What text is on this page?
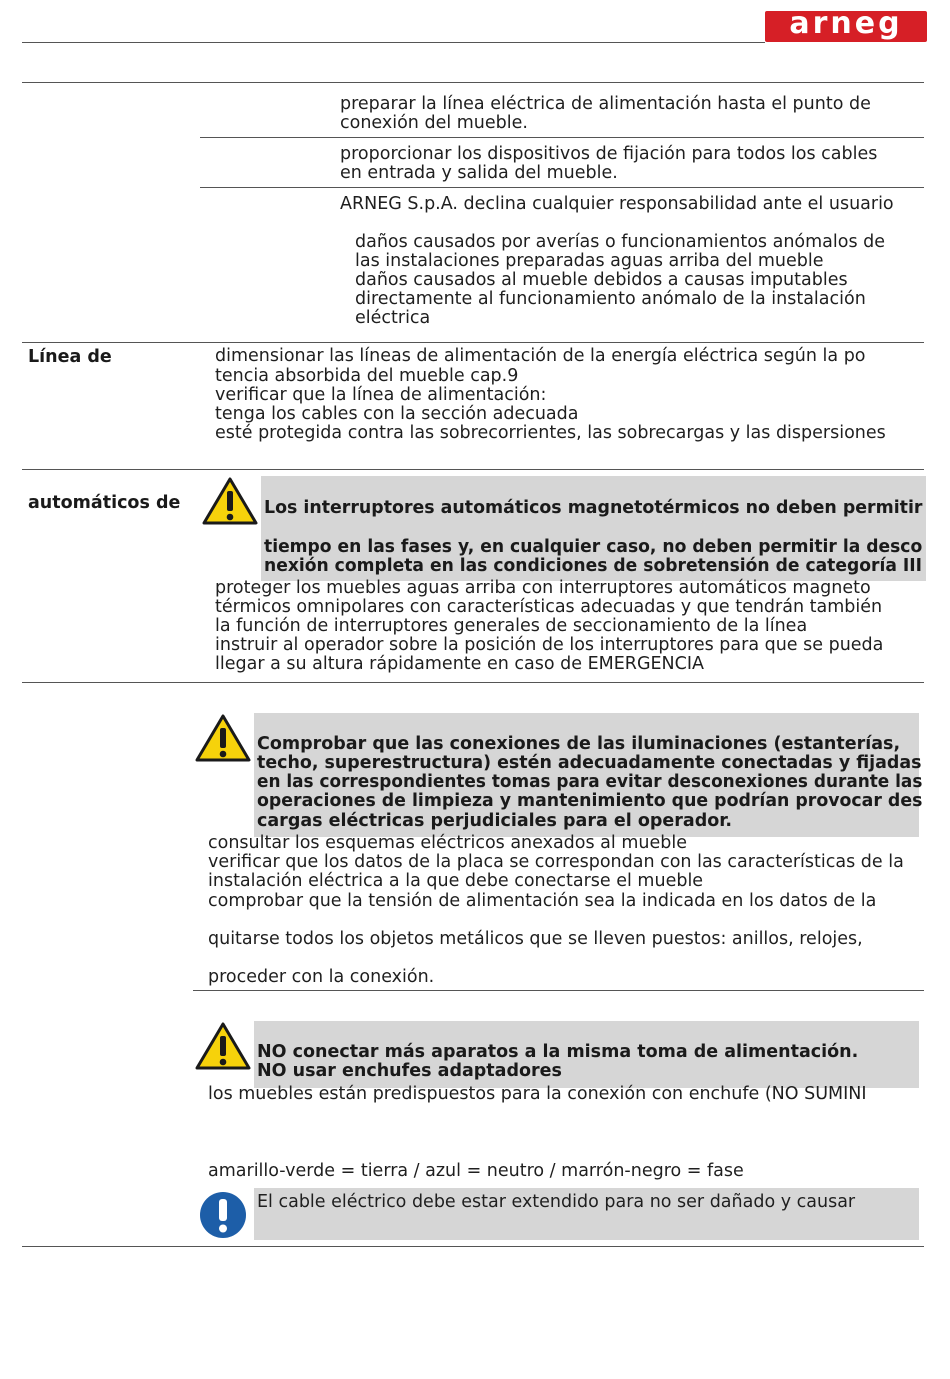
arneg
preparar la línea eléctrica de alimentación hasta el punto de
conexión del mueble.
proporcionar los dispositivos de fijación para todos los cables
en entrada y salida del mueble.
ARNEG S.p.A. declina cualquier responsabilidad ante el usuario
daños causados por averías o funcionamientos anómalos de
las instalaciones preparadas aguas arriba del mueble
daños causados al mueble debidos a causas imputables
directamente al funcionamiento anómalo de la instalación
eléctrica
Línea de	dimensionar las líneas de alimentación de la energía eléctrica según la po
tencia absorbida del mueble cap.9
verificar que la línea de alimentación:
tenga los cables con la sección adecuada
esté protegida contra las sobrecorrientes, las sobrecargas y las dispersiones
automáticos de	Los interruptores automáticos magnetotérmicos no deben permitir
tiempo en las fases y, en cualquier caso, no deben permitir la desco
nexión completa en las condiciones de sobretensión de categoría III
proteger los muebles aguas arriba con interruptores automáticos magneto
térmicos omnipolares con características adecuadas y que tendrán también
la función de interruptores generales de seccionamiento de la línea
instruir al operador sobre la posición de los interruptores para que se pueda
llegar a su altura rápidamente en caso de EMERGENCIA
Comprobar que las conexiones de las iluminaciones (estanterías,
techo, superestructura) estén adecuadamente conectadas y fijadas
en las correspondientes tomas para evitar desconexiones durante las
operaciones de limpieza y mantenimiento que podrían provocar des
cargas eléctricas perjudiciales para el operador.
consultar los esquemas eléctricos anexados al mueble
verificar que los datos de la placa se correspondan con las características de la
instalación eléctrica a la que debe conectarse el mueble
comprobar que la tensión de alimentación sea la indicada en los datos de la
quitarse todos los objetos metálicos que se lleven puestos: anillos, relojes,
proceder con la conexión.
NO conectar más aparatos a la misma toma de alimentación.
NO usar enchufes adaptadores
los muebles están predispuestos para la conexión con enchufe (NO SUMINI
amarillo-verde = tierra / azul = neutro / marrón-negro = fase
El cable eléctrico debe estar extendido para no ser dañado y causar
